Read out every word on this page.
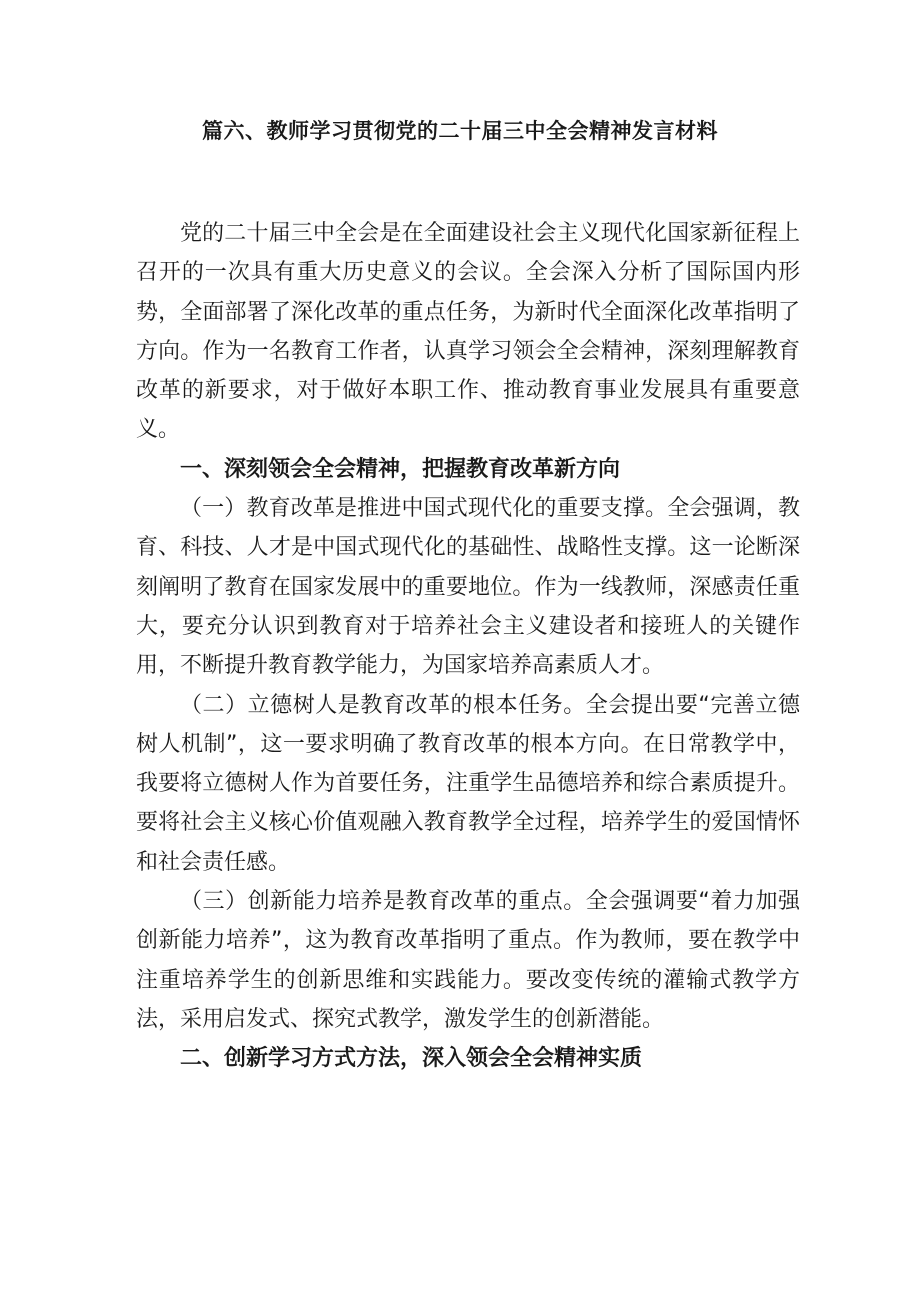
篇六、教师学习贯彻党的二十届三中全会精神发言材料

党的二十届三中全会是在全面建设社会主义现代化国家新征程上召开的一次具有重大历史意义的会议。全会深入分析了国际国内形势，全面部署了深化改革的重点任务，为新时代全面深化改革指明了方向。作为一名教育工作者，认真学习领会全会精神，深刻理解教育改革的新要求，对于做好本职工作、推动教育事业发展具有重要意义。

一、深刻领会全会精神，把握教育改革新方向

（一）教育改革是推进中国式现代化的重要支撑。全会强调，教育、科技、人才是中国式现代化的基础性、战略性支撑。这一论断深刻阐明了教育在国家发展中的重要地位。作为一线教师，深感责任重大，要充分认识到教育对于培养社会主义建设者和接班人的关键作用，不断提升教育教学能力，为国家培养高素质人才。

（二）立德树人是教育改革的根本任务。全会提出要“完善立德树人机制”，这一要求明确了教育改革的根本方向。在日常教学中，我要将立德树人作为首要任务，注重学生品德培养和综合素质提升。要将社会主义核心价值观融入教育教学全过程，培养学生的爱国情怀和社会责任感。

（三）创新能力培养是教育改革的重点。全会强调要“着力加强创新能力培养”，这为教育改革指明了重点。作为教师，要在教学中注重培养学生的创新思维和实践能力。要改变传统的灌输式教学方法，采用启发式、探究式教学，激发学生的创新潜能。

二、创新学习方式方法，深入领会全会精神实质
